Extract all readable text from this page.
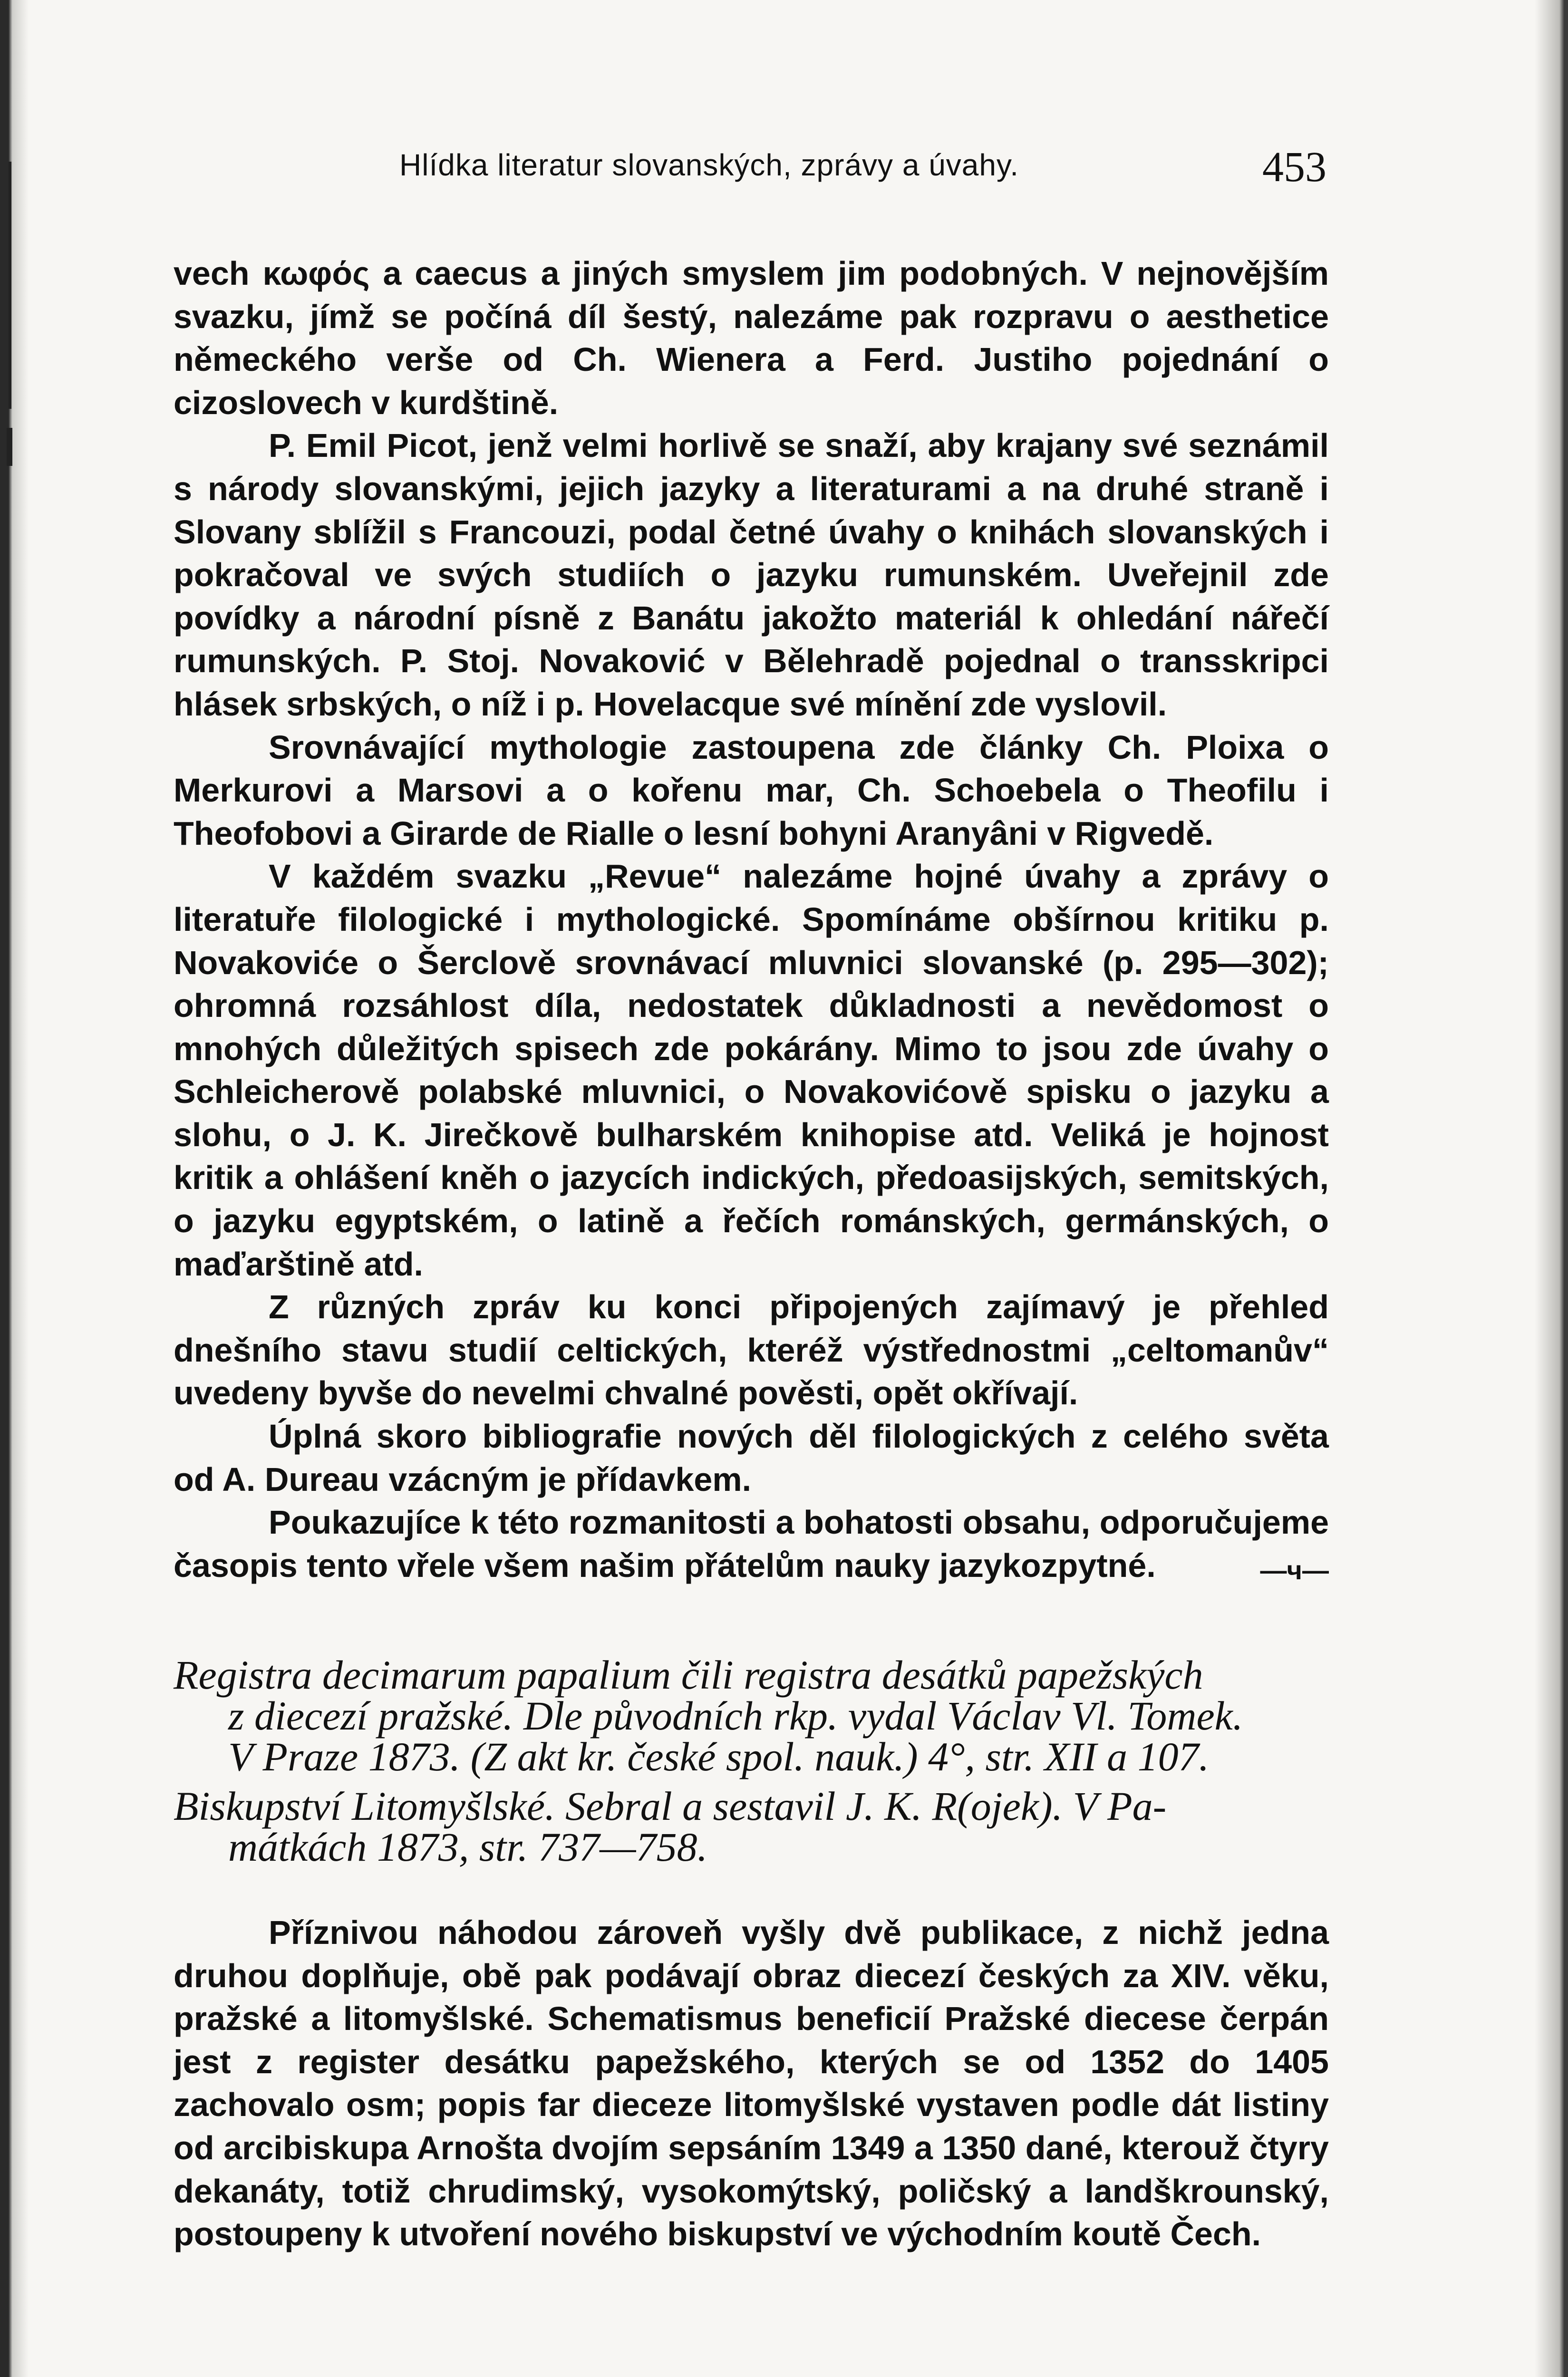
Hlídka literatur slovanských, zprávy a úvahy.	453

vech κωφός a caecus a jiných smyslem jim podobných. V nejnovějším svazku, jímž se počíná díl šestý, nalezáme pak rozpravu o aesthetice německého verše od Ch. Wienera a Ferd. Justiho pojednání o cizoslovech v kurdštině.

P. Emil Picot, jenž velmi horlivě se snaží, aby krajany své seznámil s národy slovanskými, jejich jazyky a literaturami a na druhé straně i Slovany sblížil s Francouzi, podal četné úvahy o knihách slovanských i pokračoval ve svých studiích o jazyku rumunském. Uveřejnil zde povídky a národní písně z Banátu jakožto materiál k ohledání nářečí rumunských. P. Stoj. Novaković v Bělehradě pojednal o transskripci hlásek srbských, o níž i p. Hovelacque své mínění zde vyslovil.

Srovnávající mythologie zastoupena zde články Ch. Ploixa o Merkurovi a Marsovi a o kořenu mar, Ch. Schoebela o Theofilu i Theofobovi a Girarde de Rialle o lesní bohyni Aranyâni v Rigvedě.

V každém svazku „Revue“ nalezáme hojné úvahy a zprávy o literatuře filologické i mythologické. Spomínáme obšírnou kritiku p. Novakoviće o Šerclově srovnávací mluvnici slovanské (p. 295—302); ohromná rozsáhlost díla, nedostatek důkladnosti a nevědomost o mnohých důležitých spisech zde pokárány. Mimo to jsou zde úvahy o Schleicherově polabské mluvnici, o Novakovićově spisku o jazyku a slohu, o J. K. Jirečkově bulharském knihopise atd. Veliká je hojnost kritik a ohlášení kněh o jazycích indických, předoasijských, semitských, o jazyku egyptském, o latině a řečích románských, germánských, o maďarštině atd.

Z různých zpráv ku konci připojených zajímavý je přehled dnešního stavu studií celtických, kteréž výstřednostmi „celtomanův“ uvedeny byvše do nevelmi chvalné pověsti, opět okřívají.

Úplná skoro bibliografie nových děl filologických z celého světa od A. Dureau vzácným je přídavkem.

Poukazujíce k této rozmanitosti a bohatosti obsahu, odporučujeme časopis tento vřele všem našim přátelům nauky jazykozpytné.	—ч—

Registra decimarum papalium čili registra desátků papežských
z diecezí pražské. Dle původních rkp. vydal Václav Vl. Tomek.
V Praze 1873. (Z akt kr. české spol. nauk.) 4°, str. XII a 107.

Biskupství Litomyšlské. Sebral a sestavil J. K. R(ojek). V Pa-
mátkách 1873, str. 737—758.

Příznivou náhodou zároveň vyšly dvě publikace, z nichž jedna druhou doplňuje, obě pak podávají obraz diecezí českých za XIV. věku, pražské a litomyšlské. Schematismus beneficií Pražské diecese čerpán jest z register desátku papežského, kterých se od 1352 do 1405 zachovalo osm; popis far dieceze litomyšlské vystaven podle dát listiny od arcibiskupa Arnošta dvojím sepsáním 1349 a 1350 dané, kterouž čtyry dekanáty, totiž chrudimský, vysokomýtský, poličský a landškrounský, postoupeny k utvoření nového biskupství ve východním koutě Čech.
